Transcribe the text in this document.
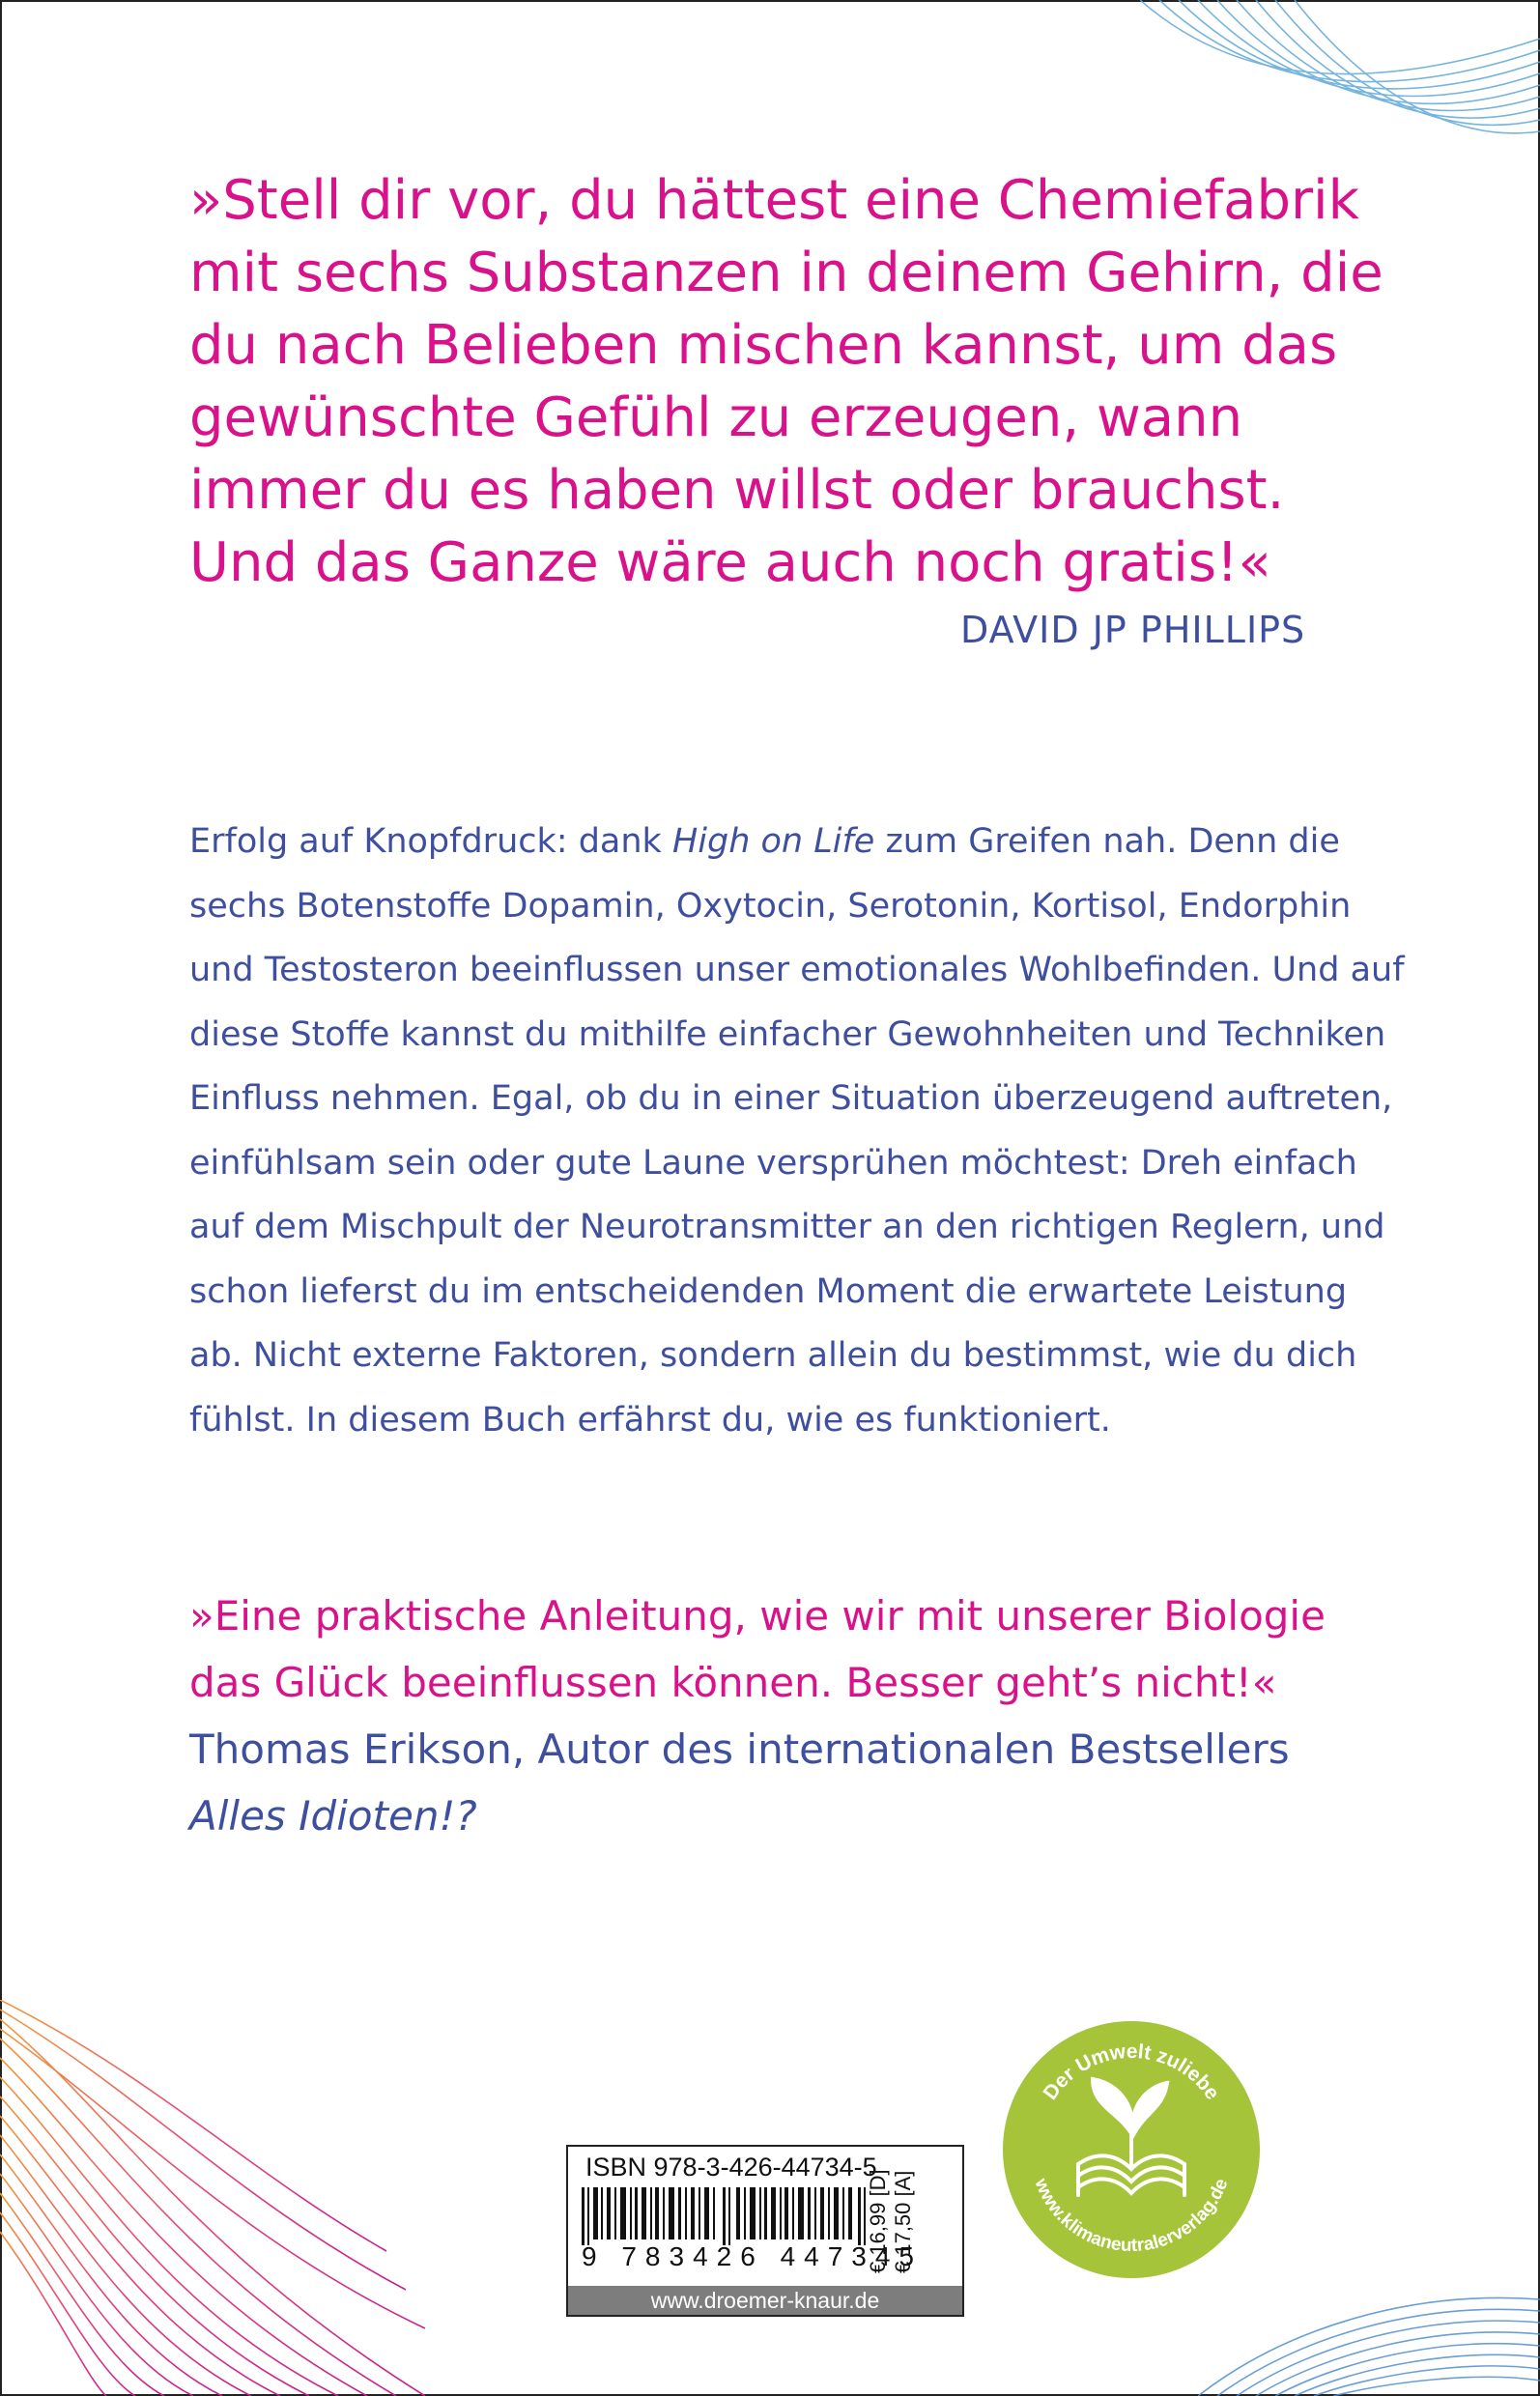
»Stell dir vor, du hättest eine Chemiefabrik mit sechs Substanzen in deinem Gehirn, die du nach Belieben mischen kannst, um das gewünschte Gefühl zu erzeugen, wann immer du es haben willst oder brauchst. Und das Ganze wäre auch noch gratis!«

DAVID JP PHILLIPS

Erfolg auf Knopfdruck: dank High on Life zum Greifen nah. Denn die sechs Botenstoffe Dopamin, Oxytocin, Serotonin, Kortisol, Endorphin und Testosteron beeinflussen unser emotionales Wohlbefinden. Und auf diese Stoffe kannst du mithilfe einfacher Gewohnheiten und Techniken Einfluss nehmen. Egal, ob du in einer Situation überzeugend auftreten, einfühlsam sein oder gute Laune versprühen möchtest: Dreh einfach auf dem Mischpult der Neurotransmitter an den richtigen Reglern, und schon lieferst du im entscheidenden Moment die erwartete Leistung ab. Nicht externe Faktoren, sondern allein du bestimmst, wie du dich fühlst. In diesem Buch erfährst du, wie es funktioniert.

»Eine praktische Anleitung, wie wir mit unserer Biologie das Glück beeinflussen können. Besser geht’s nicht!«

Thomas Erikson, Autor des internationalen Bestsellers
Alles Idioten!?

ISBN 978-3-426-44734-5
9 783426 447345
€ 16,99 [D] € 17,50 [A]
www.droemer-knaur.de
Der Umwelt zuliebe
www.klimaneutralerverlag.de
